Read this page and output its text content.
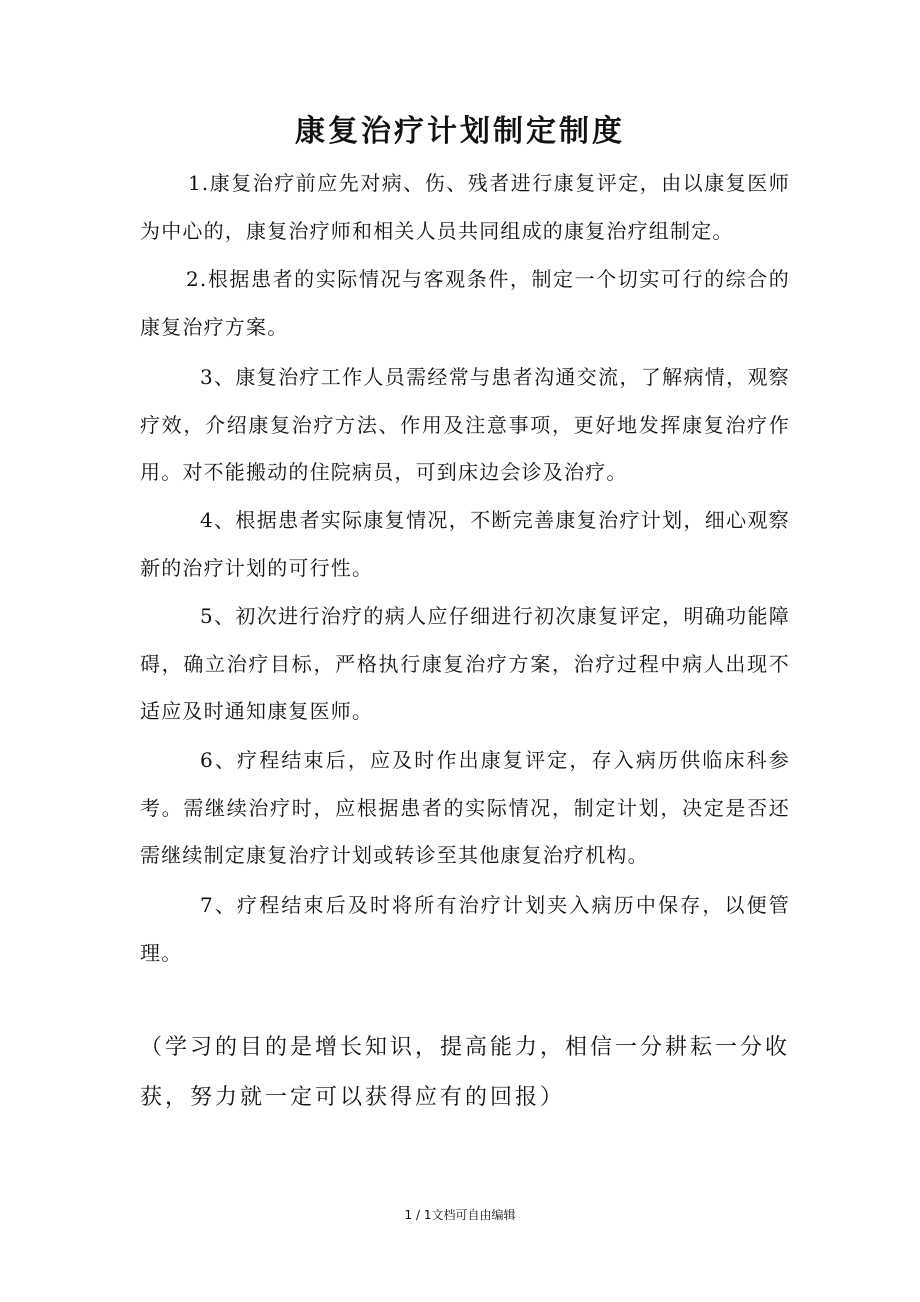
康复治疗计划制定制度

1.康复治疗前应先对病、伤、残者进行康复评定，由以康复医师为中心的，康复治疗师和相关人员共同组成的康复治疗组制定。

2.根据患者的实际情况与客观条件，制定一个切实可行的综合的康复治疗方案。

3、康复治疗工作人员需经常与患者沟通交流，了解病情，观察疗效，介绍康复治疗方法、作用及注意事项，更好地发挥康复治疗作用。对不能搬动的住院病员，可到床边会诊及治疗。

4、根据患者实际康复情况，不断完善康复治疗计划，细心观察新的治疗计划的可行性。

5、初次进行治疗的病人应仔细进行初次康复评定，明确功能障碍，确立治疗目标，严格执行康复治疗方案，治疗过程中病人出现不适应及时通知康复医师。

6、疗程结束后，应及时作出康复评定，存入病历供临床科参考。需继续治疗时，应根据患者的实际情况，制定计划，决定是否还需继续制定康复治疗计划或转诊至其他康复治疗机构。

7、疗程结束后及时将所有治疗计划夹入病历中保存，以便管理。

（学习的目的是增长知识，提高能力，相信一分耕耘一分收获，努力就一定可以获得应有的回报）

1 / 1文档可自由编辑
